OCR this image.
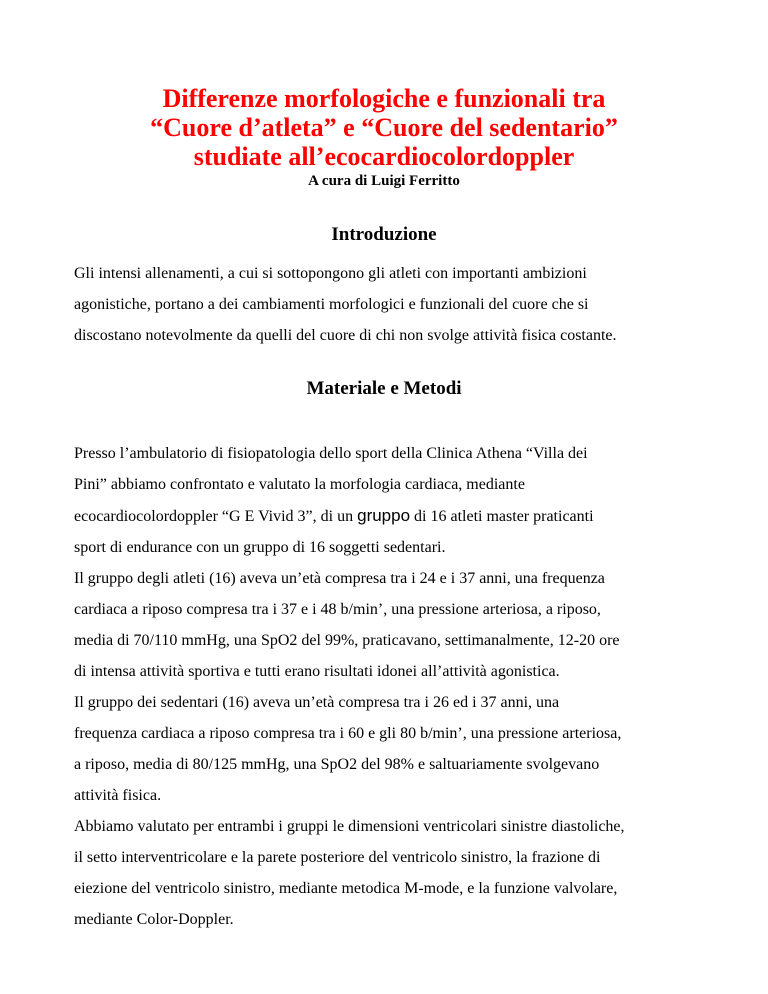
Differenze morfologiche e funzionali tra
“Cuore d’atleta” e “Cuore del sedentario”
studiate all’ecocardiocolordoppler
A cura di Luigi Ferritto
Introduzione
Gli intensi allenamenti, a cui si sottopongono gli atleti con importanti ambizioni
agonistiche, portano a dei cambiamenti morfologici e funzionali del cuore che si
discostano notevolmente da quelli del cuore di chi non svolge attività fisica costante.
Materiale e Metodi
Presso l’ambulatorio di fisiopatologia dello sport della Clinica Athena “Villa dei
Pini” abbiamo confrontato e valutato la morfologia cardiaca, mediante
ecocardiocolordoppler “G E Vivid 3”, di un gruppo di 16 atleti master praticanti
sport di endurance con un gruppo di 16 soggetti sedentari.
Il gruppo degli atleti (16) aveva un’età compresa tra i 24 e i 37 anni, una frequenza
cardiaca a riposo compresa tra i 37 e i 48 b/min’, una pressione arteriosa, a riposo,
media di 70/110 mmHg, una SpO2 del 99%, praticavano, settimanalmente, 12-20 ore
di intensa attività sportiva e tutti erano risultati idonei all’attività agonistica.
Il gruppo dei sedentari (16) aveva un’età compresa tra i 26 ed i 37 anni, una
frequenza cardiaca a riposo compresa tra i 60 e gli 80 b/min’, una pressione arteriosa,
a riposo, media di 80/125 mmHg, una SpO2 del 98% e saltuariamente svolgevano
attività fisica.
Abbiamo valutato per entrambi i gruppi le dimensioni ventricolari sinistre diastoliche,
il setto interventricolare e la parete posteriore del ventricolo sinistro, la frazione di
eiezione del ventricolo sinistro, mediante metodica M-mode, e la funzione valvolare,
mediante Color-Doppler.
